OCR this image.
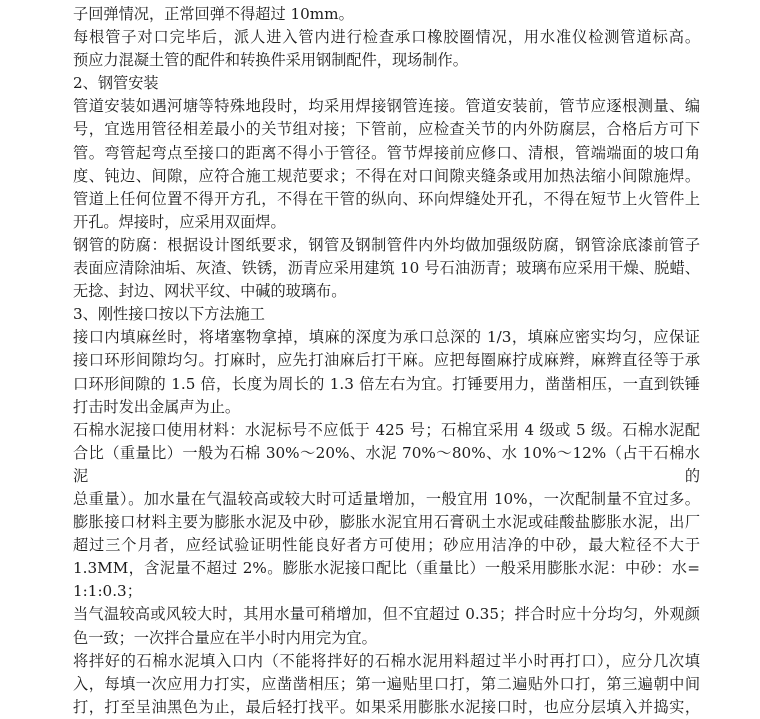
子回弹情况，正常回弹不得超过 10mm。
每根管子对口完毕后，派人进入管内进行检查承口橡胶圈情况，用水准仪检测管道标高。
预应力混凝土管的配件和转换件采用钢制配件，现场制作。
2、钢管安装
管道安装如遇河塘等特殊地段时，均采用焊接钢管连接。管道安装前，管节应逐根测量、编
号，宜选用管径相差最小的关节组对接；下管前，应检查关节的内外防腐层，合格后方可下
管。弯管起弯点至接口的距离不得小于管径。管节焊接前应修口、清根，管端端面的坡口角
度、钝边、间隙，应符合施工规范要求；不得在对口间隙夹缝条或用加热法缩小间隙施焊。
管道上任何位置不得开方孔，不得在干管的纵向、环向焊缝处开孔，不得在短节上火管件上
开孔。焊接时，应采用双面焊。
钢管的防腐：根据设计图纸要求，钢管及钢制管件内外均做加强级防腐，钢管涂底漆前管子
表面应清除油垢、灰渣、铁锈，沥青应采用建筑 10 号石油沥青；玻璃布应采用干燥、脱蜡、
无捻、封边、网状平纹、中碱的玻璃布。
3、刚性接口按以下方法施工
接口内填麻丝时，将堵塞物拿掉，填麻的深度为承口总深的 1/3，填麻应密实均匀，应保证
接口环形间隙均匀。打麻时，应先打油麻后打干麻。应把每圈麻拧成麻辫，麻辫直径等于承
口环形间隙的 1.5 倍，长度为周长的 1.3 倍左右为宜。打锤要用力，凿凿相压，一直到铁锤
打击时发出金属声为止。
石棉水泥接口使用材料：水泥标号不应低于 425 号；石棉宜采用 4 级或 5 级。石棉水泥配
合比（重量比）一般为石棉 30%～20%、水泥 70%～80%、水 10%～12%（占干石棉水泥的
总重量）。加水量在气温较高或较大时可适量增加，一般宜用 10%，一次配制量不宜过多。
膨胀接口材料主要为膨胀水泥及中砂，膨胀水泥宜用石膏矾土水泥或硅酸盐膨胀水泥，出厂
超过三个月者，应经试验证明性能良好者方可使用；砂应用洁净的中砂，最大粒径不大于
1.3MM，含泥量不超过 2%。膨胀水泥接口配比（重量比）一般采用膨胀水泥：中砂：水=1:1:0.3；
当气温较高或风较大时，其用水量可稍增加，但不宜超过 0.35；拌合时应十分均匀，外观颜
色一致；一次拌合量应在半小时内用完为宜。
将拌好的石棉水泥填入口内（不能将拌好的石棉水泥用料超过半小时再打口），应分几次填
入，每填一次应用力打实，应凿凿相压；第一遍贴里口打，第二遍贴外口打，第三遍朝中间
打，打至呈油黑色为止，最后轻打找平。如果采用膨胀水泥接口时，也应分层填入并捣实，
